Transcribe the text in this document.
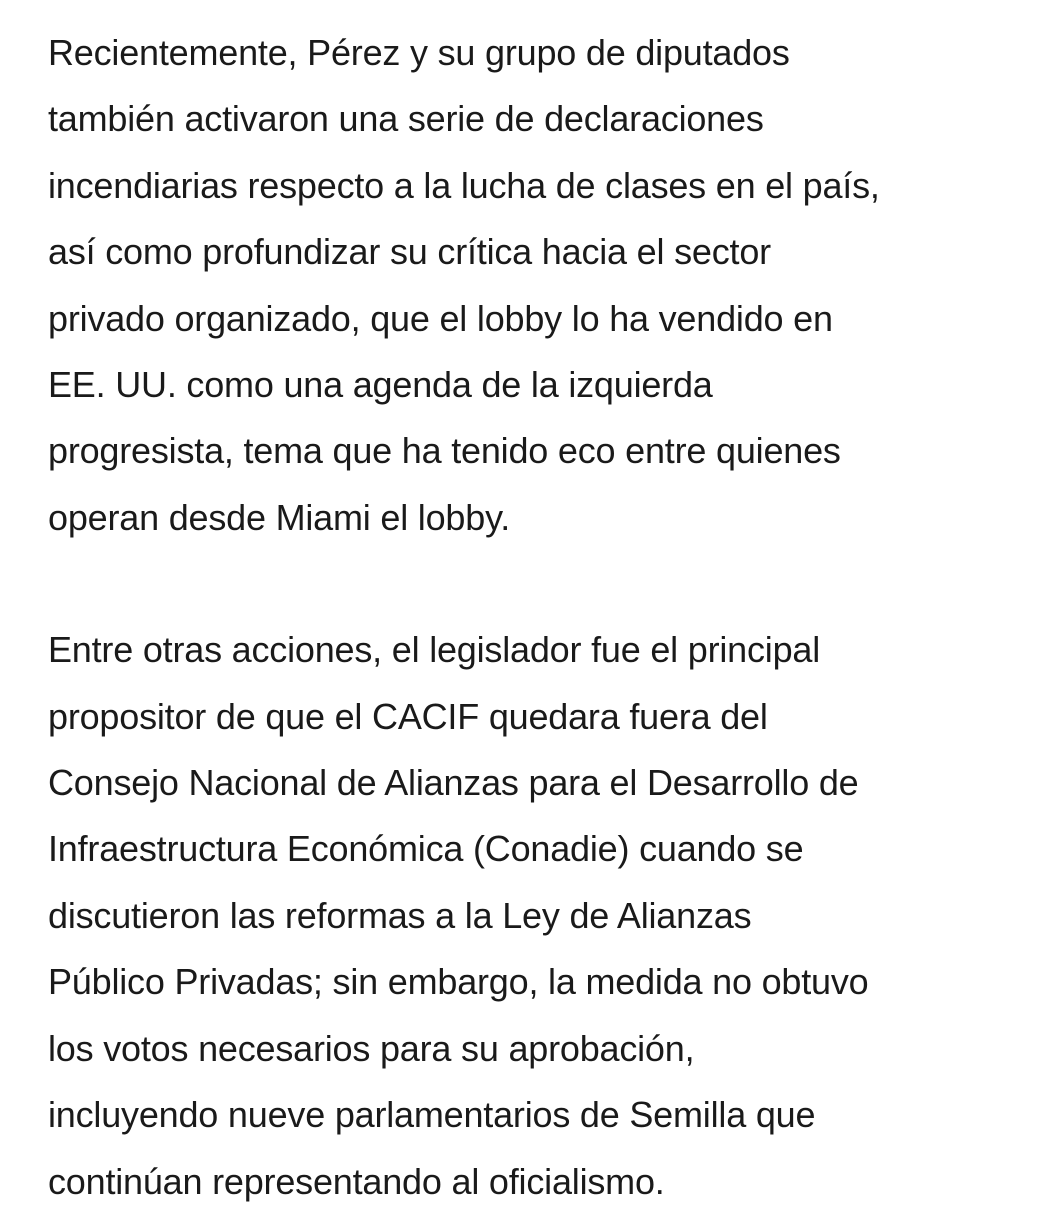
Recientemente, Pérez y su grupo de diputados
también activaron una serie de declaraciones
incendiarias respecto a la lucha de clases en el país,
así como profundizar su crítica hacia el sector
privado organizado, que el lobby lo ha vendido en
EE. UU. como una agenda de la izquierda
progresista, tema que ha tenido eco entre quienes
operan desde Miami el lobby.

Entre otras acciones, el legislador fue el principal
propositor de que el CACIF quedara fuera del
Consejo Nacional de Alianzas para el Desarrollo de
Infraestructura Económica (Conadie) cuando se
discutieron las reformas a la Ley de Alianzas
Público Privadas; sin embargo, la medida no obtuvo
los votos necesarios para su aprobación,
incluyendo nueve parlamentarios de Semilla que
continúan representando al oficialismo.
